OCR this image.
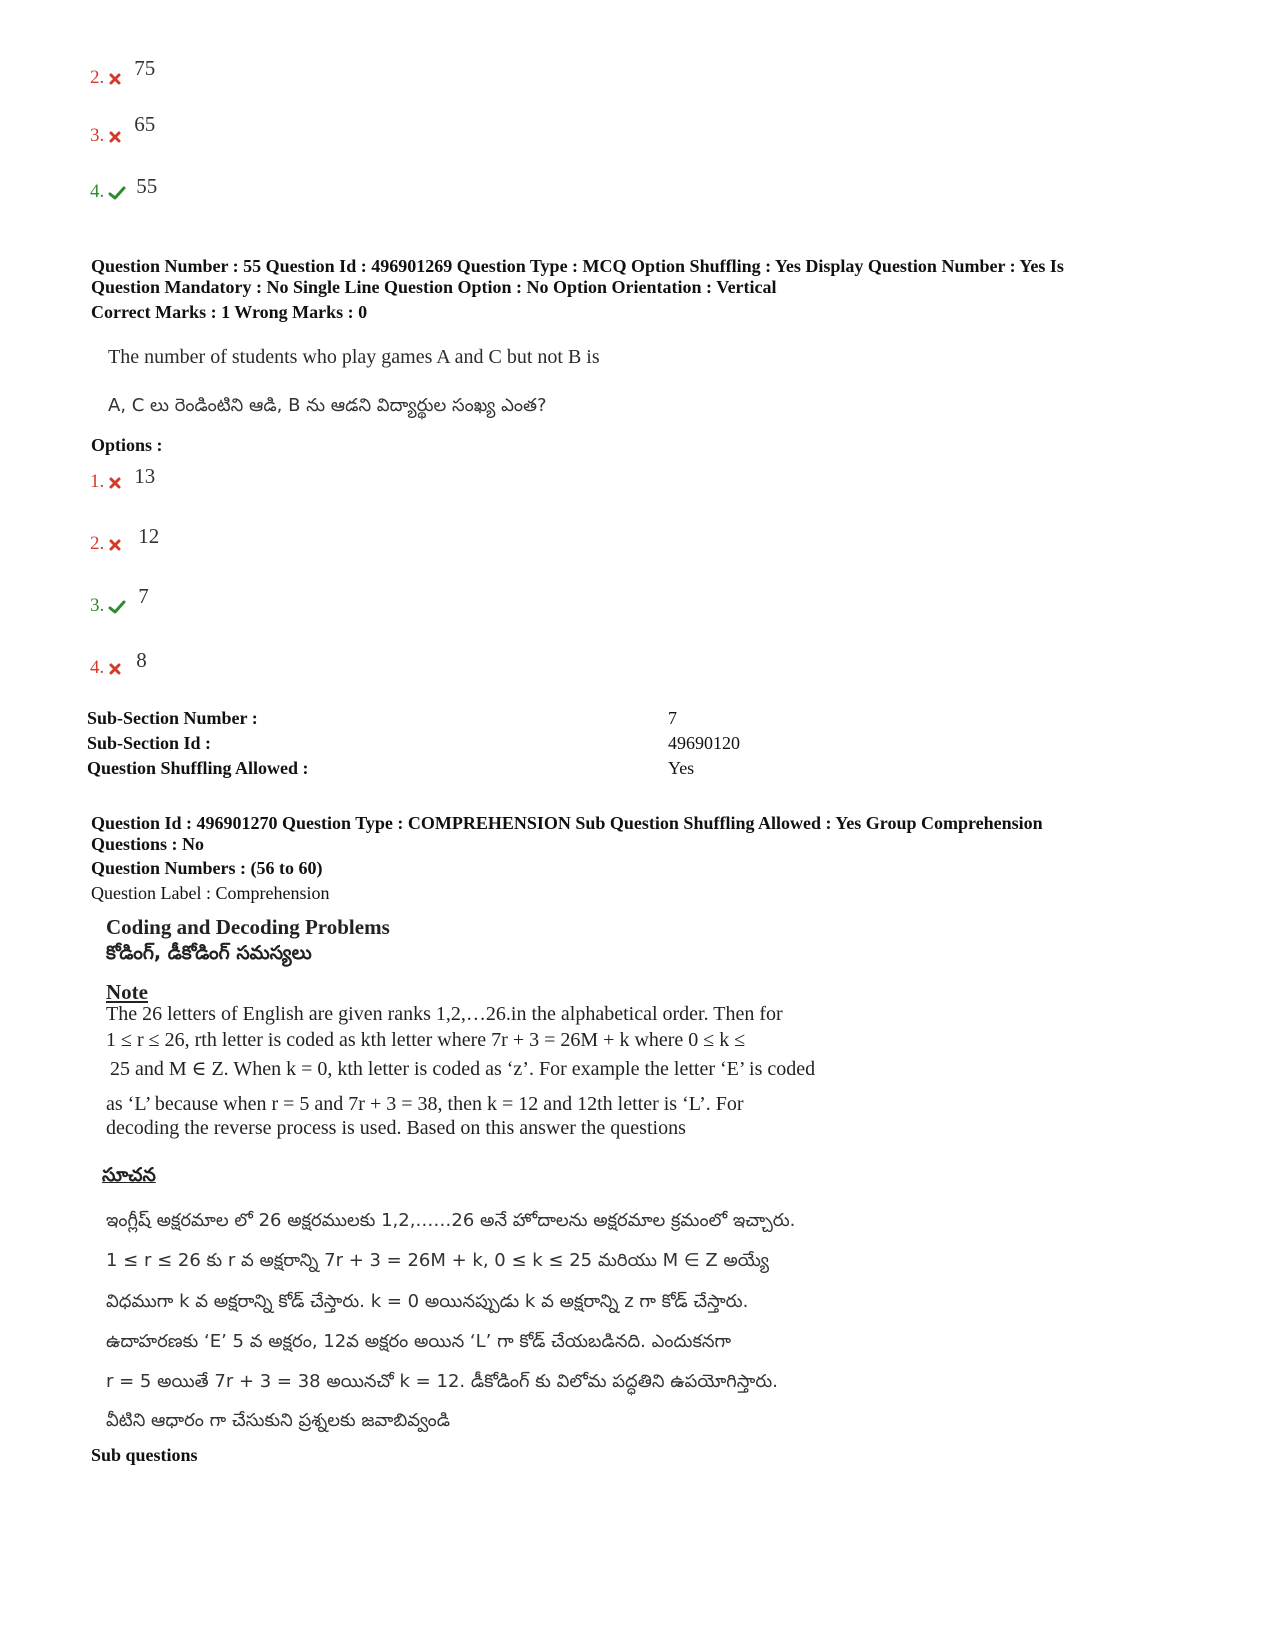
2. 75
3. 65
4. 55
Question Number : 55 Question Id : 496901269 Question Type : MCQ Option Shuffling : Yes Display Question Number : Yes Is
Question Mandatory : No Single Line Question Option : No Option Orientation : Vertical
Correct Marks : 1 Wrong Marks : 0
The number of students who play games A and C but not B is
A, C లు రెండింటిని ఆడి, B ను ఆడని విద్యార్థుల సంఖ్య ఎంత?
Options :
1. 13
2. 12
3. 7
4. 8
Sub-Section Number :	7
Sub-Section Id :	49690120
Question Shuffling Allowed :	Yes
Question Id : 496901270 Question Type : COMPREHENSION Sub Question Shuffling Allowed : Yes Group Comprehension
Questions : No
Question Numbers : (56 to 60)
Question Label : Comprehension
Coding and Decoding Problems
కోడింగ్, డీకోడింగ్ సమస్యలు
Note
The 26 letters of English are given ranks 1,2,…26.in the alphabetical order. Then for
1 ≤ r ≤ 26, rth letter is coded as kth letter where 7r + 3 = 26M + k where 0 ≤ k ≤
25 and M ∈ Z. When k = 0, kth letter is coded as ‘z’. For example the letter ‘E’ is coded
as ‘L’ because when r = 5 and 7r + 3 = 38, then k = 12 and 12th letter is ‘L’. For
decoding the reverse process is used. Based on this answer the questions
సూచన
ఇంగ్లీష్ అక్షరమాల లో 26 అక్షరములకు 1,2,……26 అనే హోదాలను అక్షరమాల క్రమంలో ఇచ్చారు.
1 ≤ r ≤ 26 కు r వ అక్షరాన్ని 7r + 3 = 26M + k, 0 ≤ k ≤ 25 మరియు M ∈ Z అయ్యే
విధముగా k వ అక్షరాన్ని కోడ్ చేస్తారు. k = 0 అయినప్పుడు k వ అక్షరాన్ని z గా కోడ్ చేస్తారు.
ఉదాహరణకు ‘E’ 5 వ అక్షరం, 12వ అక్షరం అయిన ‘L’ గా కోడ్ చేయబడినది. ఎందుకనగా
r = 5 అయితే 7r + 3 = 38 అయినచో k = 12. డీకోడింగ్ కు విలోమ పద్ధతిని ఉపయోగిస్తారు.
వీటిని ఆధారం గా చేసుకుని ప్రశ్నలకు జవాబివ్వండి
Sub questions
